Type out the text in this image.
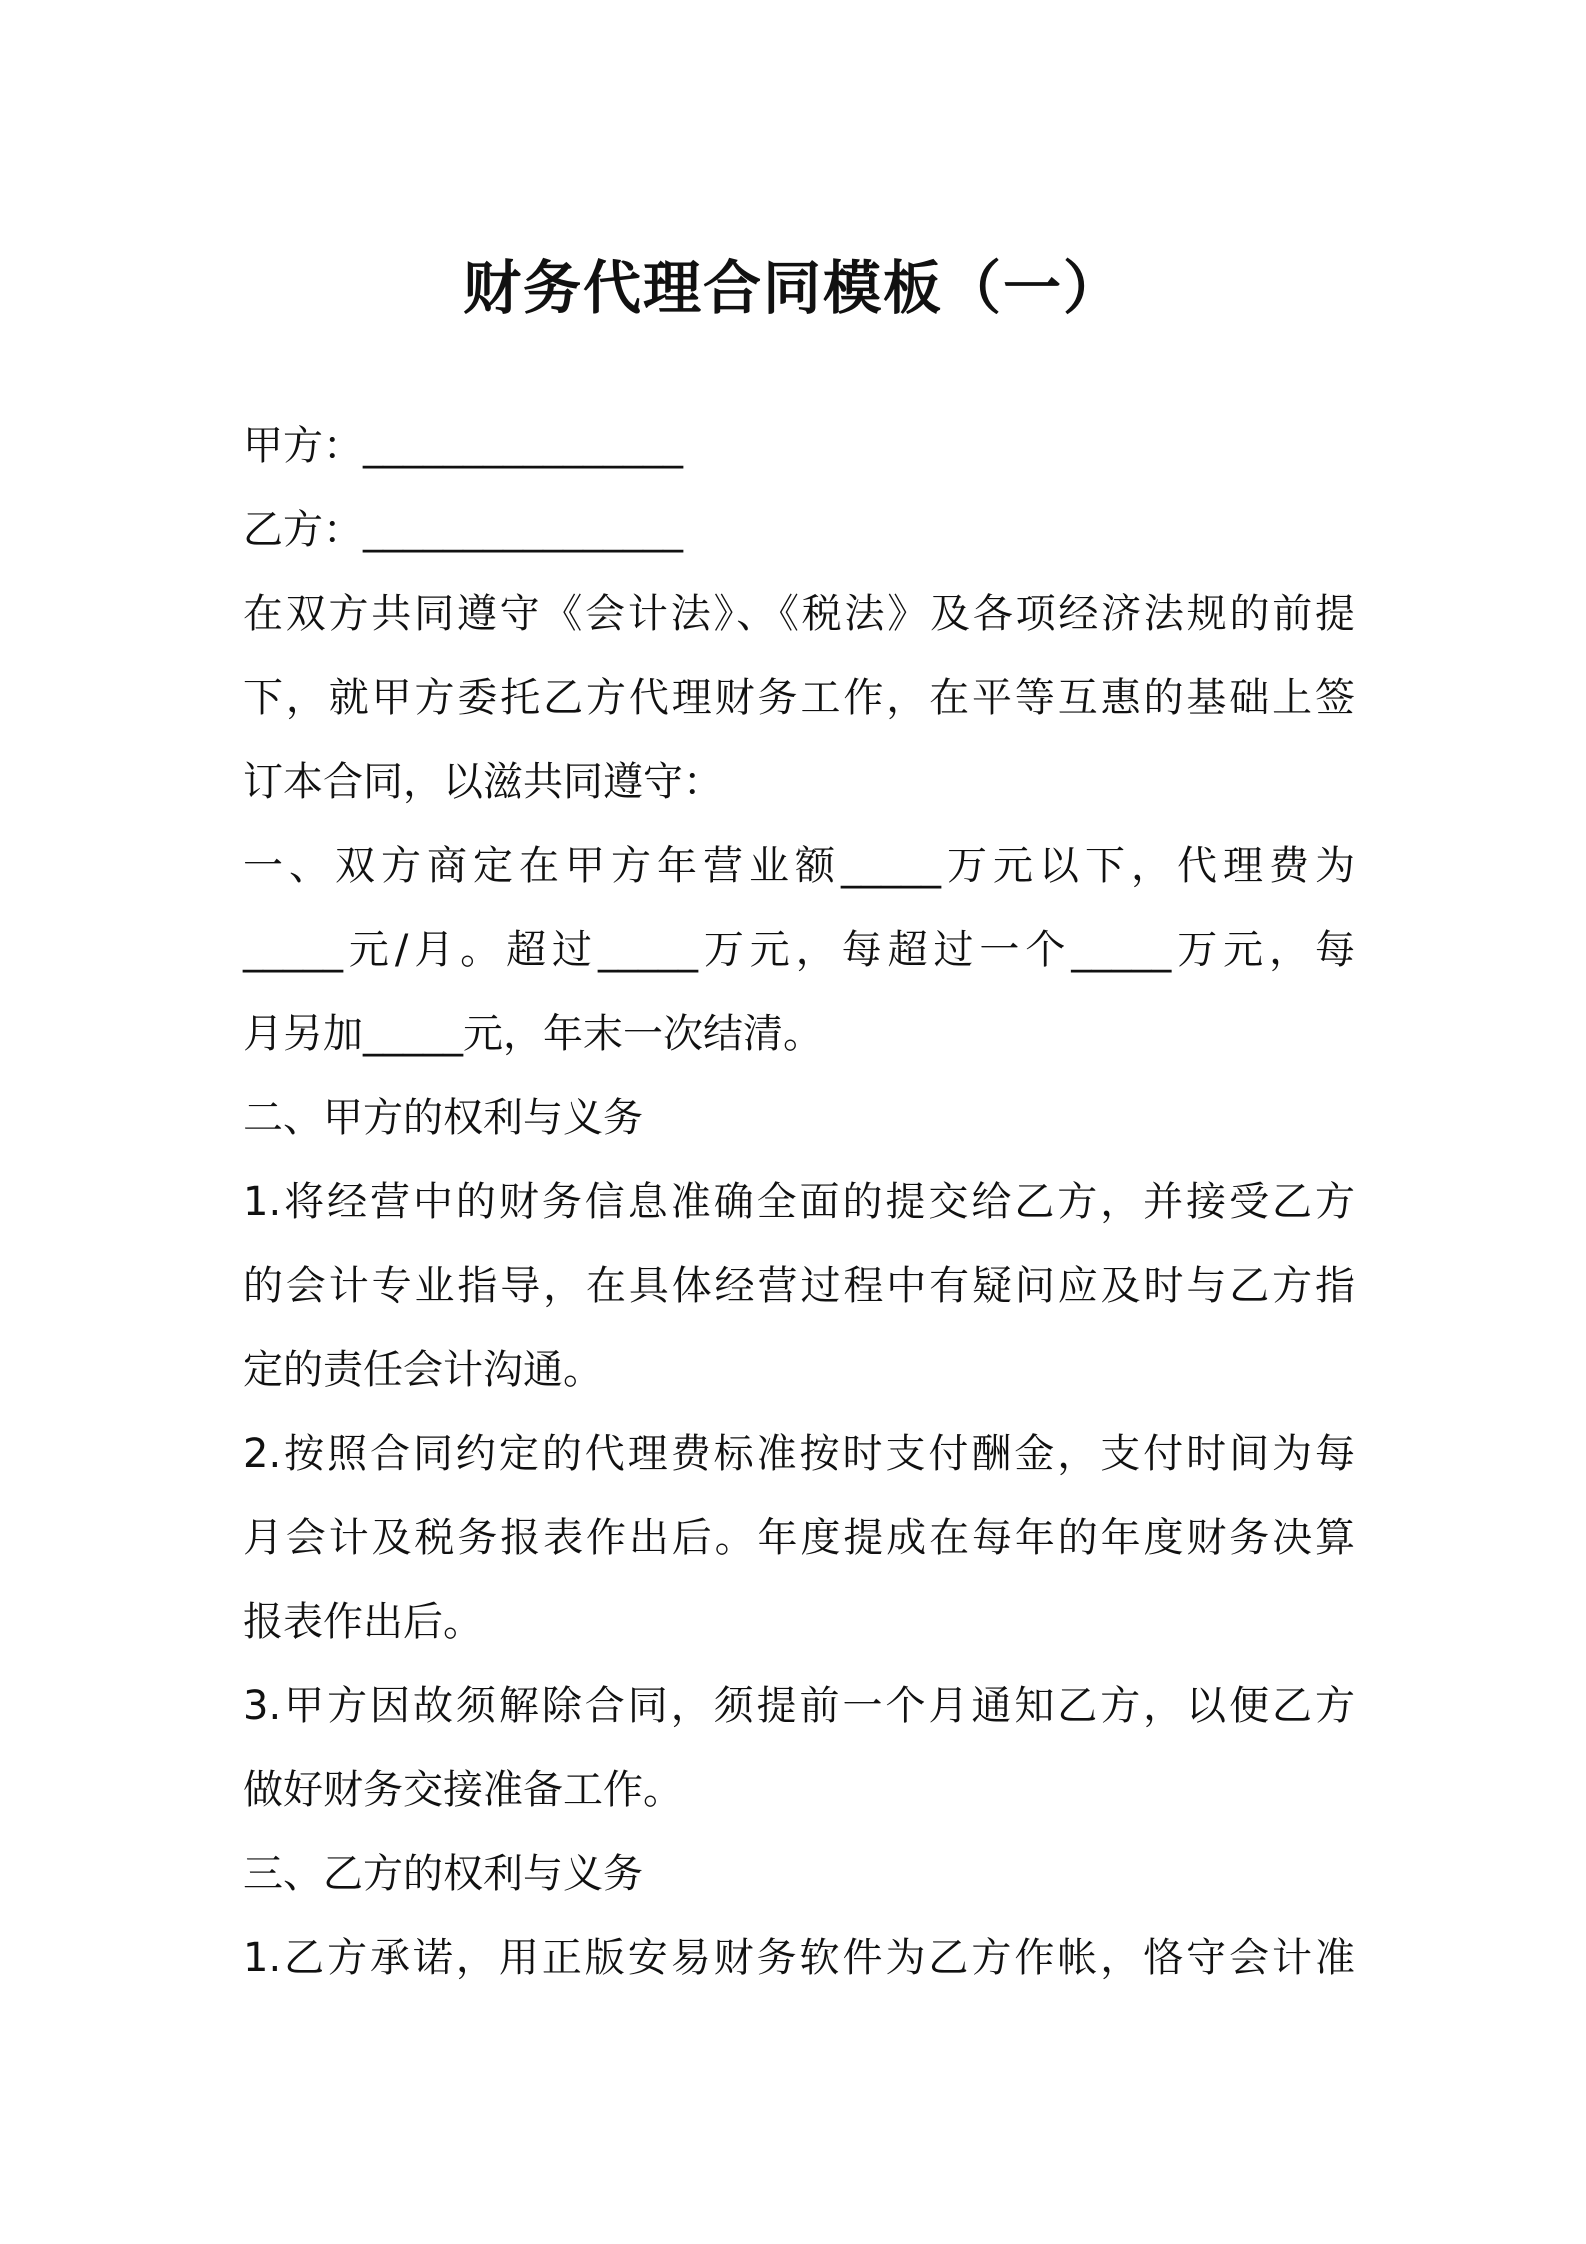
财务代理合同模板（一）
甲方：________________
乙方：________________
在双方共同遵守《会计法》、《税法》及各项经济法规的前提
下，就甲方委托乙方代理财务工作，在平等互惠的基础上签
订本合同，以滋共同遵守：
一、双方商定在甲方年营业额_____万元以下，代理费为
_____元/月。超过_____万元，每超过一个_____万元，每
月另加_____元，年末一次结清。
二、甲方的权利与义务
1.将经营中的财务信息准确全面的提交给乙方，并接受乙方
的会计专业指导，在具体经营过程中有疑问应及时与乙方指
定的责任会计沟通。
2.按照合同约定的代理费标准按时支付酬金，支付时间为每
月会计及税务报表作出后。年度提成在每年的年度财务决算
报表作出后。
3.甲方因故须解除合同，须提前一个月通知乙方，以便乙方
做好财务交接准备工作。
三、乙方的权利与义务
1.乙方承诺，用正版安易财务软件为乙方作帐，恪守会计准
